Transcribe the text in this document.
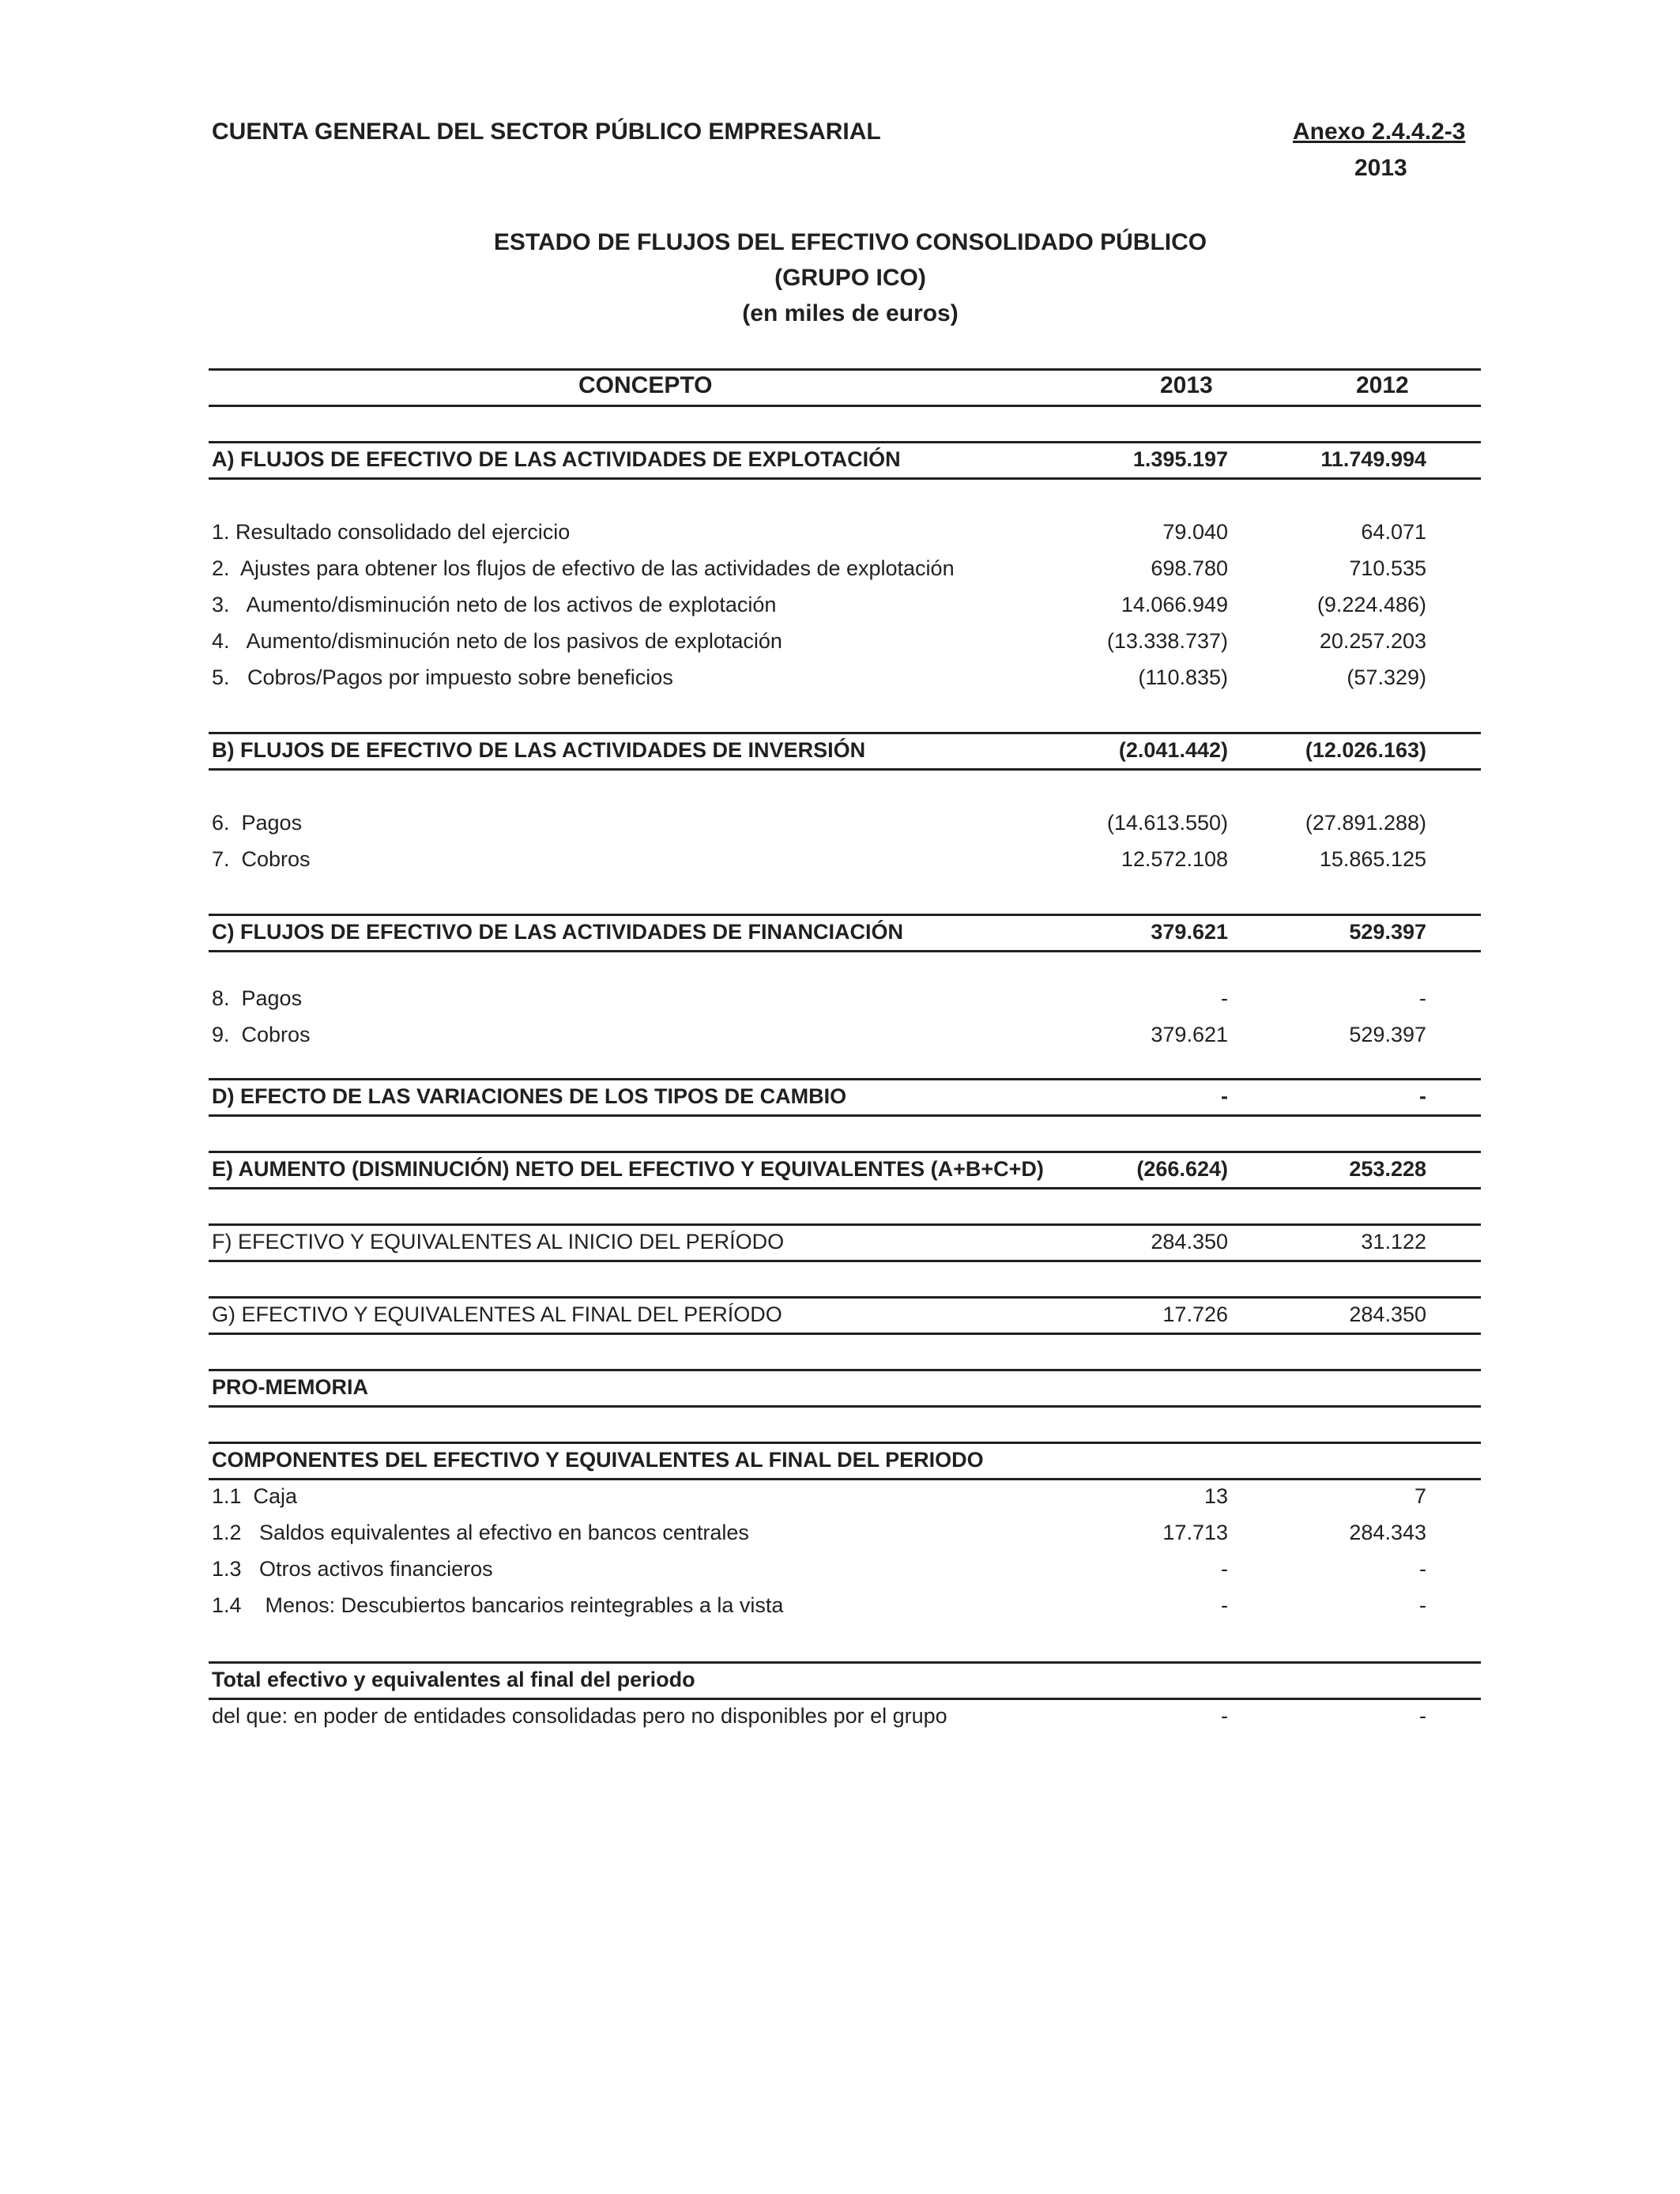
CUENTA GENERAL DEL SECTOR PÚBLICO EMPRESARIAL	Anexo 2.4.4.2-3
2013
ESTADO DE FLUJOS DEL EFECTIVO CONSOLIDADO PÚBLICO
(GRUPO ICO)
(en miles de euros)
CONCEPTO	2013	2012
A) FLUJOS DE EFECTIVO DE LAS ACTIVIDADES DE EXPLOTACIÓN	1.395.197	11.749.994
1. Resultado consolidado del ejercicio	79.040	64.071
2.  Ajustes para obtener los flujos de efectivo de las actividades de explotación	698.780	710.535
3.   Aumento/disminución neto de los activos de explotación	14.066.949	(9.224.486)
4.   Aumento/disminución neto de los pasivos de explotación	(13.338.737)	20.257.203
5.   Cobros/Pagos por impuesto sobre beneficios	(110.835)	(57.329)
B) FLUJOS DE EFECTIVO DE LAS ACTIVIDADES DE INVERSIÓN	(2.041.442)	(12.026.163)
6.  Pagos	(14.613.550)	(27.891.288)
7.  Cobros	12.572.108	15.865.125
C) FLUJOS DE EFECTIVO DE LAS ACTIVIDADES DE FINANCIACIÓN	379.621	529.397
8.  Pagos	-	-
9.  Cobros	379.621	529.397
D) EFECTO DE LAS VARIACIONES DE LOS TIPOS DE CAMBIO	-	-
E) AUMENTO (DISMINUCIÓN) NETO DEL EFECTIVO Y EQUIVALENTES (A+B+C+D)	(266.624)	253.228
F) EFECTIVO Y EQUIVALENTES AL INICIO DEL PERÍODO	284.350	31.122
G) EFECTIVO Y EQUIVALENTES AL FINAL DEL PERÍODO	17.726	284.350
PRO-MEMORIA
COMPONENTES DEL EFECTIVO Y EQUIVALENTES AL FINAL DEL PERIODO
1.1  Caja	13	7
1.2   Saldos equivalentes al efectivo en bancos centrales	17.713	284.343
1.3   Otros activos financieros	-	-
1.4    Menos: Descubiertos bancarios reintegrables a la vista	-	-
Total efectivo y equivalentes al final del periodo
del que: en poder de entidades consolidadas pero no disponibles por el grupo	-	-
